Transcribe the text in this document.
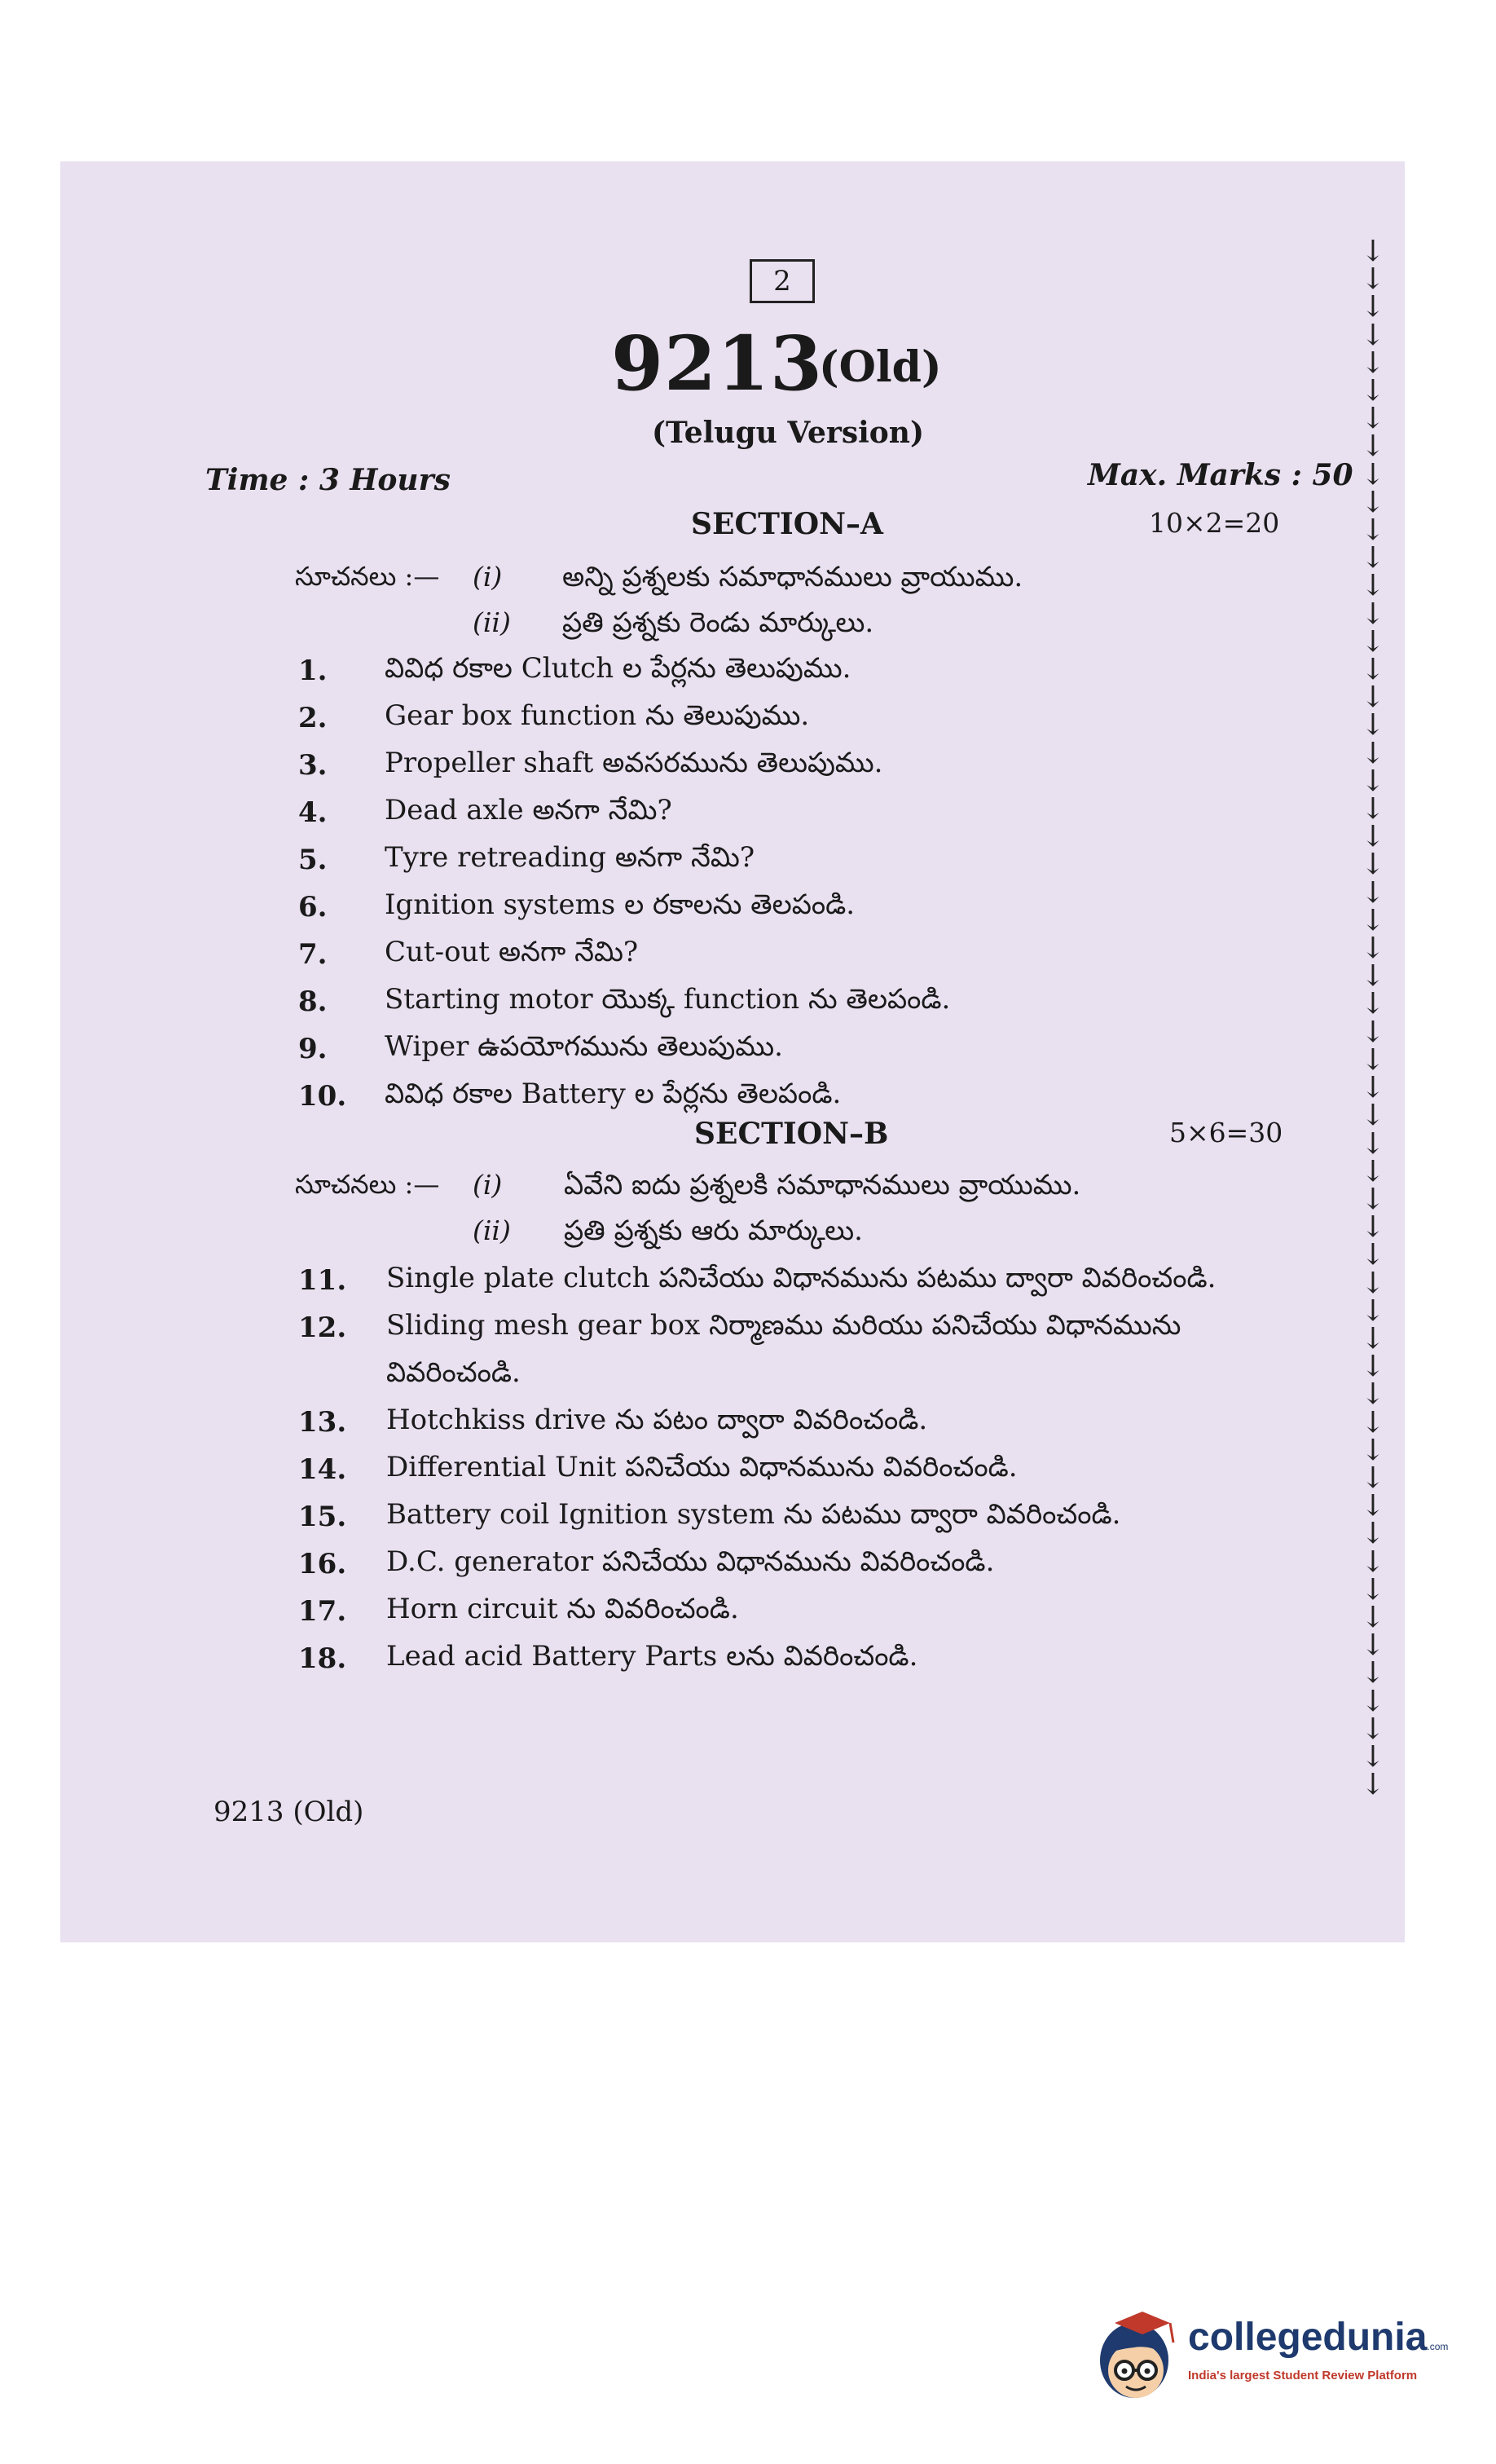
2
9213
(Old)
(Telugu Version)
Time : 3 Hours	Max. Marks : 50
SECTION–A	10×2=20
సూచనలు :— (i) అన్ని ప్రశ్నలకు సమాధానములు వ్రాయుము.
(ii) ప్రతి ప్రశ్నకు రెండు మార్కులు.
1. వివిధ రకాల Clutch ల పేర్లను తెలుపుము.
2. Gear box function ను తెలుపుము.
3. Propeller shaft అవసరమును తెలుపుము.
4. Dead axle అనగా నేమి?
5. Tyre retreading అనగా నేమి?
6. Ignition systems ల రకాలను తెలపండి.
7. Cut-out అనగా నేమి?
8. Starting motor యొక్క function ను తెలపండి.
9. Wiper ఉపయోగమును తెలుపుము.
10. వివిధ రకాల Battery ల పేర్లను తెలపండి.
SECTION–B	5×6=30
సూచనలు :— (i) ఏవేని ఐదు ప్రశ్నలకి సమాధానములు వ్రాయుము.
(ii) ప్రతి ప్రశ్నకు ఆరు మార్కులు.
11. Single plate clutch పనిచేయు విధానమును పటము ద్వారా వివరించండి.
12. Sliding mesh gear box నిర్మాణము మరియు పనిచేయు విధానమును
వివరించండి.
13. Hotchkiss drive ను పటం ద్వారా వివరించండి.
14. Differential Unit పనిచేయు విధానమును వివరించండి.
15. Battery coil Ignition system ను పటము ద్వారా వివరించండి.
16. D.C. generator పనిచేయు విధానమును వివరించండి.
17. Horn circuit ను వివరించండి.
18. Lead acid Battery Parts లను వివరించండి.
9213 (Old)
↓
↓
↓
↓
↓
↓
↓
↓
↓
↓
↓
↓
↓
↓
↓
↓
↓
↓
↓
↓
↓
↓
↓
↓
↓
↓
↓
↓
↓
↓
↓
↓
↓
↓
↓
↓
↓
↓
↓
↓
↓
↓
↓
↓
↓
↓
↓
↓
↓
↓
↓
↓
↓
↓
↓
↓
collegedunia.com
India's largest Student Review Platform
